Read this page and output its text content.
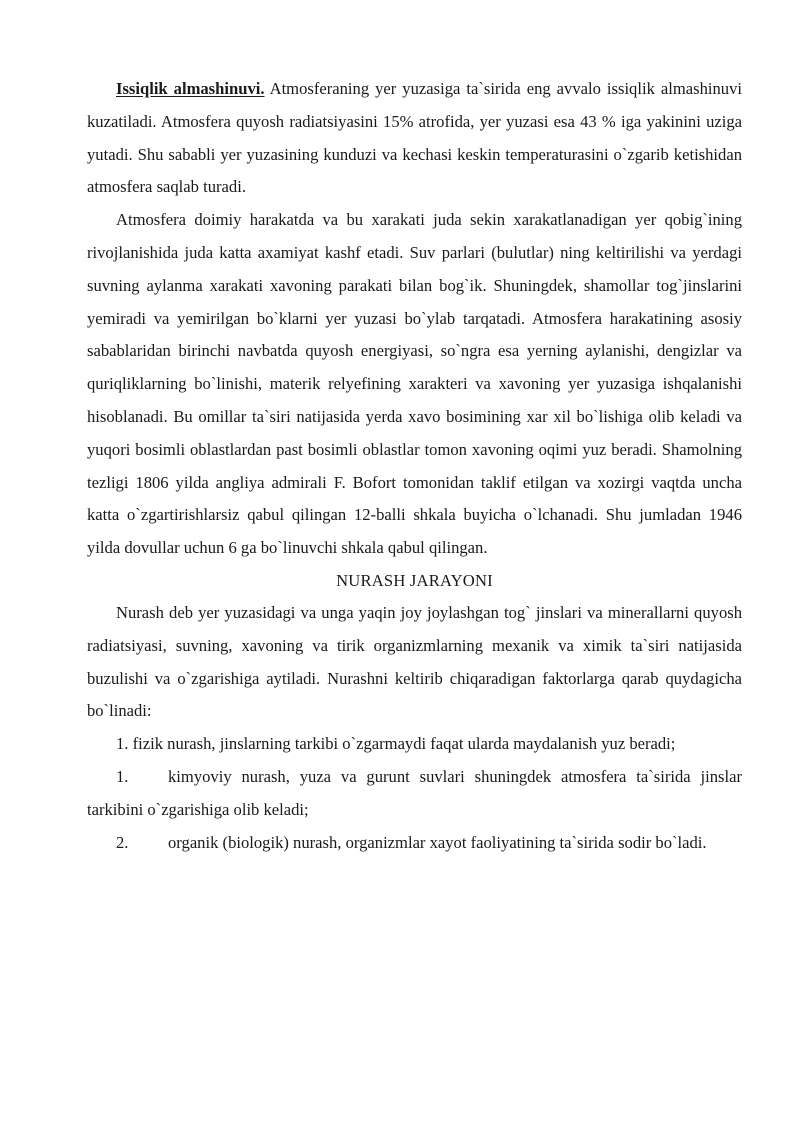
Issiqlik almashinuvi. Atmosferaning yer yuzasiga ta`sirida eng avvalo issiqlik almashinuvi kuzatiladi. Atmosfera quyosh radiatsiyasini 15% atrofida, yer yuzasi esa 43 % iga yakinini uziga yutadi. Shu sababli yer yuzasining kunduzi va kechasi keskin temperaturasini o`zgarib ketishidan atmosfera saqlab turadi.

Atmosfera doimiy harakatda va bu xarakati juda sekin xarakatlanadigan yer qobig`ining rivojlanishida juda katta axamiyat kashf etadi. Suv parlari (bulutlar) ning keltirilishi va yerdagi suvning aylanma xarakati xavoning parakati bilan bog`ik. Shuningdek, shamollar tog`jinslarini yemiradi va yemirilgan bo`klarni yer yuzasi bo`ylab tarqatadi. Atmosfera harakatining asosiy sabablaridan birinchi navbatda quyosh energiyasi, so`ngra esa yerning aylanishi, dengizlar va quriqliklarning bo`linishi, materik relyefining xarakteri va xavoning yer yuzasiga ishqalanishi hisoblanadi. Bu omillar ta`siri natijasida yerda xavo bosimining xar xil bo`lishiga olib keladi va yuqori bosimli oblastlardan past bosimli oblastlar tomon xavoning oqimi yuz beradi. Shamolning tezligi 1806 yilda angliya admirali F. Bofort tomonidan taklif etilgan va xozirgi vaqtda uncha katta o`zgartirishlarsiz qabul qilingan 12-balli shkala buyicha o`lchanadi. Shu jumladan 1946 yilda dovullar uchun 6 ga bo`linuvchi shkala qabul qilingan.

NURASH JARAYONI

Nurash deb yer yuzasidagi va unga yaqin joy joylashgan tog` jinslari va minerallarni quyosh radiatsiyasi, suvning, xavoning va tirik organizmlarning mexanik va ximik ta`siri natijasida buzulishi va o`zgarishiga aytiladi. Nurashni keltirib chiqaradigan faktorlarga qarab quydagicha bo`linadi:

1. fizik nurash, jinslarning tarkibi o`zgarmaydi faqat ularda maydalanish yuz beradi;

1. kimyoviy nurash, yuza va gurunt suvlari shuningdek atmosfera ta`sirida jinslar tarkibini o`zgarishiga olib keladi;

2. organik (biologik) nurash, organizmlar xayot faoliyatining ta`sirida sodir bo`ladi.
